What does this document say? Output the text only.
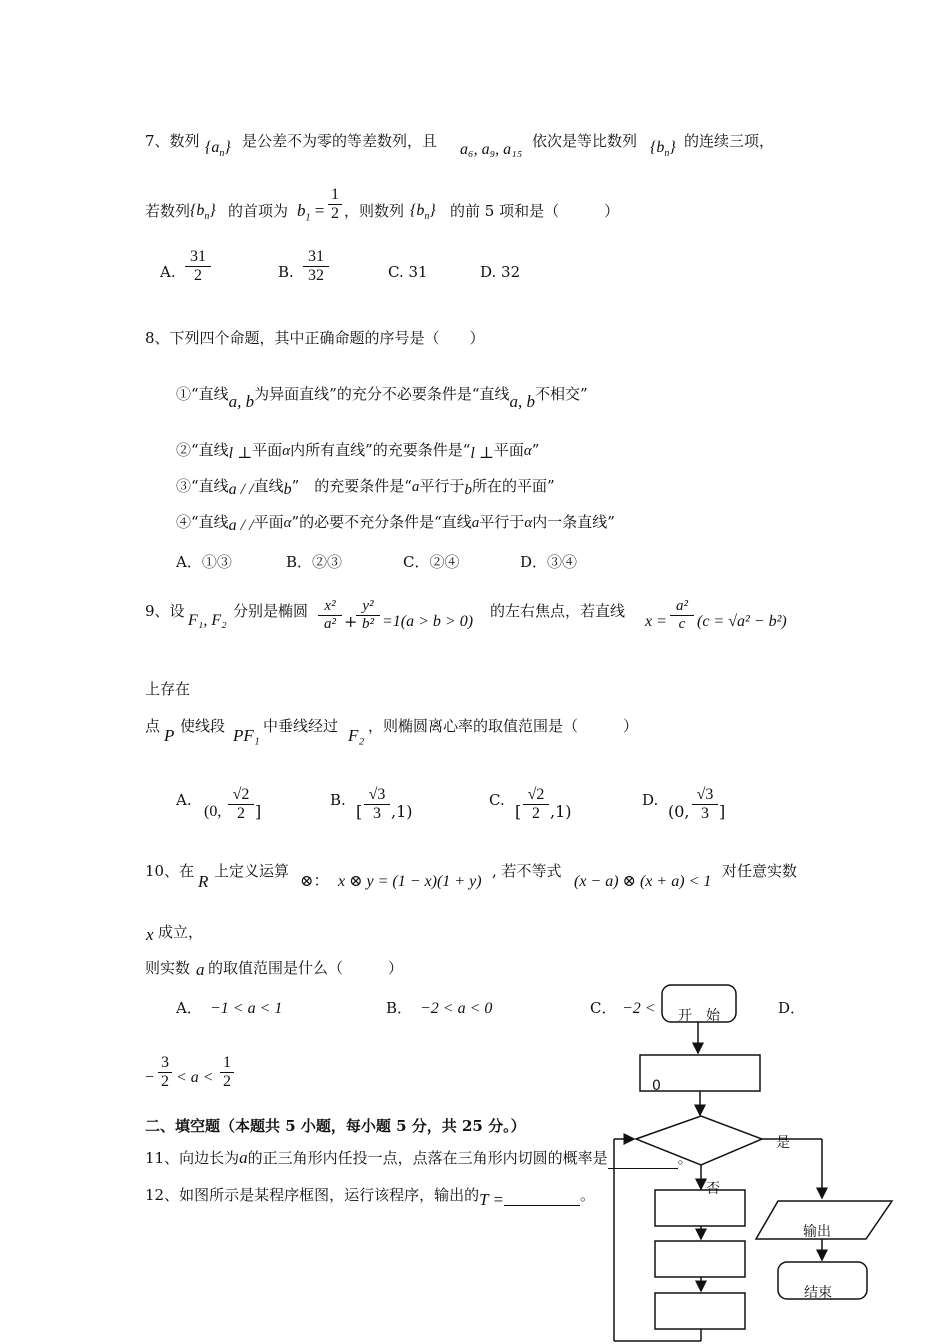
7、数列 $\{a_n\}$ 是公差不为零的等差数列，且 a₆, a₉, a₁₅ 依次是等比数列 $\{b_n\}$ 的连续三项，
若数列 $\{b_n\}$ 的首项为 $b_1$ =
1
2 ，则数列 $\{b_n\}$ 的前 5 项和是（　　　）
A.
31
2	B.
31
32	C. 31	D. 32
8、下列四个命题，其中正确命题的序号是（　　）
①“直线a, b为异面直线”的充分不必要条件是“直线a, b不相交”
②“直线l ⊥平面α内所有直线”的充要条件是“l ⊥平面α”
③“直线a / /直线b”　的充要条件是“a平行于b所在的平面”
④“直线a / /平面α”的必要不充分条件是“直线a平行于α内一条直线”
A．①③	B．②③	C．②④	D．③④
9、设
F₁, F₂
分别是椭圆	x²
a² +
y²
b² =1(a > b > 0)
的左右焦点，若直线
x =
a²
c (c = √a² − b²)
上存在
点 P 使线段 PF₁ 中垂线经过 F₂ ，则椭圆离心率的取值范围是（　　　）
A.
(0,
√2
2 ]
B.
[
√3
3 ,1)
C.
[
√2
2 ,1)
D.
(0,
√3
3 ]
10、在
R
上定义运算
⊗： x ⊗ y = (1 − x)(1 + y)
, 若不等式
(x − a) ⊗ (x + a) < 1
对任意实数
x 成立，
则实数 a 的取值范围是什么（　　　）
A． −1 < a < 1	B． −2 < a < 0	C． −2 <	D．
−
3
2 < a <
1
2
二、填空题（本题共 5 小题，每小题 5 分，共 25 分。）
11、向边长为a的正三角形内任投一点，点落在三角形内切圆的概率是	。
12、如图所示是某程序框图，运行该程序，输出的T =	。
开　始
0
是
否
输出
结束
